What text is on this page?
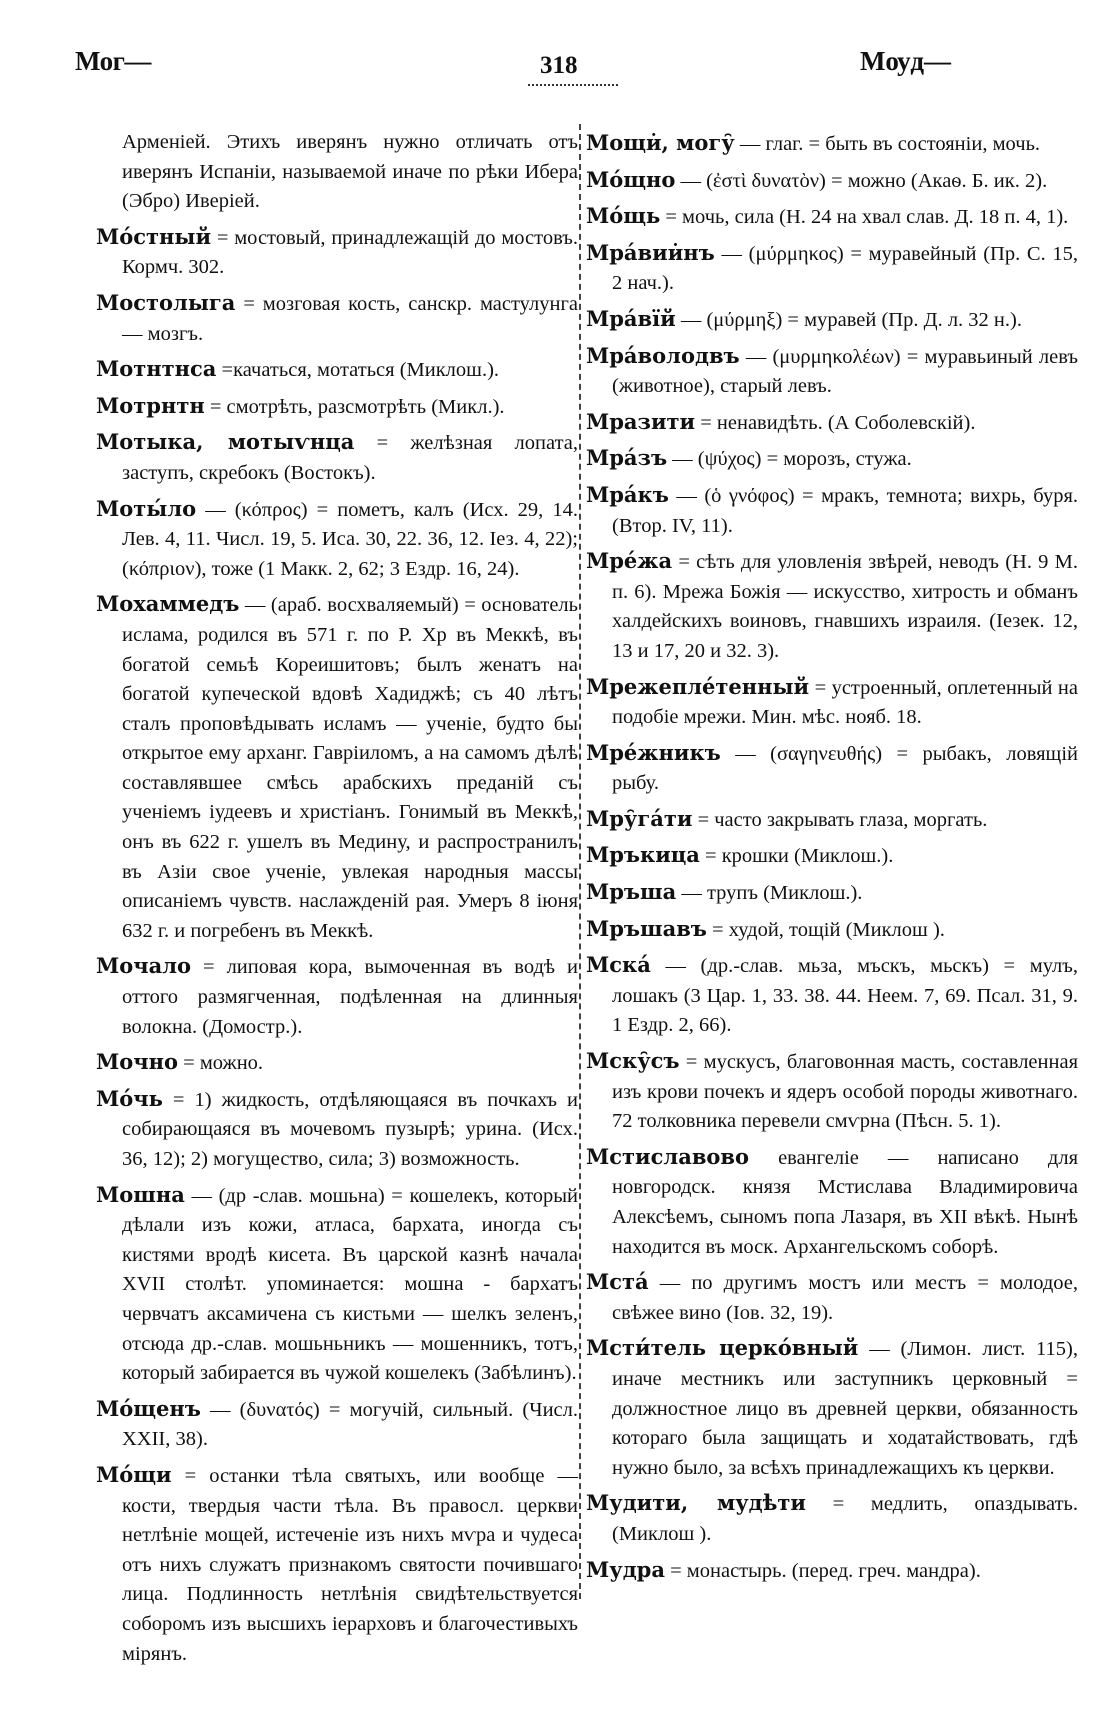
Мог—	318	Мѹд—

Арменіей. Этихъ иверянъ нужно отличать отъ иверянъ Испаніи, называемой иначе по рѣки Ибера (Эбро) Иверіей.

Мо́стный = мостовый, принадлежащій до мостовъ. Кормч. 302.

Мостолыга = мозговая кость, санскр. мастулунга — мозгъ.

Мотнтнса =качаться, мотаться (Миклош.).

Мотрнтн = смотрѣть, разсмотрѣть (Микл.).

Мотыка, мотыѵнца = желѣзная лопата, заступъ, скребокъ (Востокъ).

Моты́ло — (κόπρος) = пометъ, калъ (Исх. 29, 14. Лев. 4, 11. Числ. 19, 5. Иса. 30, 22. 36, 12. Iез. 4, 22); (κόπριον), тоже (1 Макк. 2, 62; 3 Ездр. 16, 24).

Мохаммедъ — (араб. восхваляемый) = основатель ислама, родился въ 571 г. по Р. Хр въ Меккѣ, въ богатой семьѣ Кореишитовъ; былъ женатъ на богатой купеческой вдовѣ Хадиджѣ; съ 40 лѣтъ сталъ проповѣдывать исламъ — ученіе, будто бы открытое ему арханг. Гавріиломъ, а на самомъ дѣлѣ составлявшее смѣсь арабскихъ преданій съ ученіемъ іудеевъ и христіанъ. Гонимый въ Меккѣ, онъ въ 622 г. ушелъ въ Медину, и распространилъ въ Азіи свое ученіе, увлекая народныя массы описаніемъ чувств. наслажденій рая. Умеръ 8 іюня 632 г. и погребенъ въ Меккѣ.

Мочало = липовая кора, вымоченная въ водѣ и оттого размягченная, подѣленная на длинныя волокна. (Домостр.).

Мочно = можно.

Мо́чь = 1) жидкость, отдѣляющаяся въ почкахъ и собирающаяся въ мочевомъ пузырѣ; урина. (Исх. 36, 12); 2) могущество, сила; 3) возможность.

Мошна — (др -слав. мошьна) = кошелекъ, который дѣлали изъ кожи, атласа, бархата, иногда съ кистями вродѣ кисета. Въ царской казнѣ начала XVII столѣт. упоминается: мошна - бархатъ червчатъ аксамичена съ кистьми — шелкъ зеленъ, отсюда др.-слав. мошьньникъ — мошенникъ, тотъ, который забирается въ чужой кошелекъ (Забѣлинъ).

Мо́щенъ — (δυνατός) = могучій, сильный. (Числ. XXII, 38).

Мо́щи = останки тѣла святыхъ, или вообще — кости, твердыя части тѣла. Въ правосл. церкви нетлѣніе мощей, истеченіе изъ нихъ мѵра и чудеса отъ нихъ служатъ признакомъ святости почившаго лица. Подлинность нетлѣнія свидѣтельствуется соборомъ изъ высшихъ іерарховъ и благочестивыхъ мірянъ.

Мощи̇, могу̑ — глаг. = быть въ состояніи, мочь.

Мо́щно — (ἐστὶ δυνατὸν) = можно (Акаѳ. Б. ик. 2).

Мо́щь = мочь, сила (Н. 24 на хвал слав. Д. 18 п. 4, 1).

Мра́вии̇нъ — (μύρμηκος) = муравейный (Пр. С. 15, 2 нач.).

Мра́вїй — (μύρμηξ) = муравей (Пр. Д. л. 32 н.).

Мра́володвъ — (μυρμηκολέων) = муравьиный левъ (животное), старый левъ.

Мразити = ненавидѣть. (А Соболевскій).

Мра́зъ — (ψύχος) = морозъ, стужа.

Мра́къ — (ὁ γνόφος) = мракъ, темнота; вихрь, буря. (Втор. IV, 11).

Мре́жа = сѣть для уловленія звѣрей, неводъ (Н. 9 М. п. 6). Мрежа Божія — искусство, хитрость и обманъ халдейскихъ воиновъ, гнавшихъ израиля. (Iезек. 12, 13 и 17, 20 и 32. 3).

Мрежепле́тенный = устроенный, оплетенный на подобіе мрежи. Мин. мѣс. нояб. 18.

Мре́жникъ — (σαγηνευθής) = рыбакъ, ловящій рыбу.

Мру̑га́ти = часто закрывать глаза, моргать.

Мръкица = крошки (Миклош.).

Мръша — трупъ (Миклош.).

Мръшавъ = худой, тощій (Миклош ).

Мска́ — (др.-слав. мьза, мъскъ, мьскъ) = мулъ, лошакъ (3 Цар. 1, 33. 38. 44. Неем. 7, 69. Псал. 31, 9. 1 Ездр. 2, 66).

Мску̑съ = мускусъ, благовонная масть, составленная изъ крови почекъ и ядеръ особой породы животнаго. 72 толковника перевели смѵрна (Пѣсн. 5. 1).

Мстиславово евангеліе — написано для новгородск. князя Мстислава Владимировича Алексѣемъ, сыномъ попа Лазаря, въ XII вѣкѣ. Нынѣ находится въ моск. Архангельскомъ соборѣ.

Мста́ — по другимъ мостъ или местъ = молодое, свѣжее вино (Iов. 32, 19).

Мсти́тель церко́вный — (Лимон. лист. 115), иначе местникъ или заступникъ церковный = должностное лицо въ древней церкви, обязанность котораго была защищать и ходатайствовать, гдѣ нужно было, за всѣхъ принадлежащихъ къ церкви.

Мудити, мудѣти = медлить, опаздывать. (Миклош ).

Мудра = монастырь. (перед. греч. мандра).
